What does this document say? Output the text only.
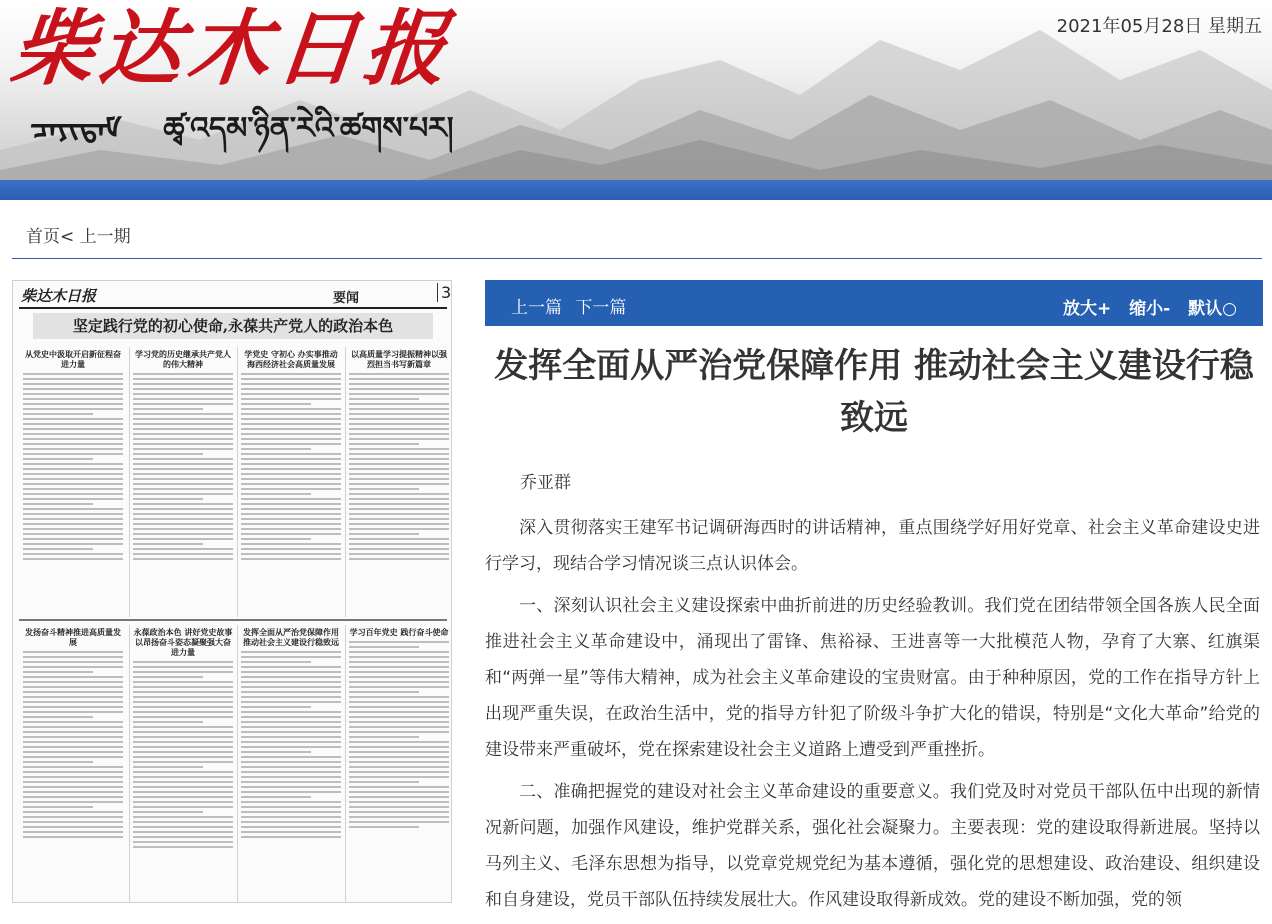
柴达木日报
ᠴᠠᠶᠢᠳᠠᠮ ཚྭ་འདམ་ཉིན་རེའི་ཚགས་པར།
2021年05月28日 星期五
首页< 上一期
柴达木日报	要闻	3
坚定践行党的初心使命,永葆共产党人的政治本色
从党史中汲取开启新征程奋进力量
学习党的历史继承共产党人的伟大精神
学党史 守初心 办实事推动海西经济社会高质量发展
以高质量学习提振精神以强烈担当书写新篇章
发扬奋斗精神推进高质量发展
永葆政治本色 讲好党史故事以昂扬奋斗姿态凝聚强大奋进力量
发挥全面从严治党保障作用推动社会主义建设行稳致远
学习百年党史 践行奋斗使命
上一篇 下一篇	放大+ 缩小- 默认○
发挥全面从严治党保障作用 推动社会主义建设行稳致远
乔亚群

深入贯彻落实王建军书记调研海西时的讲话精神，重点围绕学好用好党章、社会主义革命建设史进行学习，现结合学习情况谈三点认识体会。

一、深刻认识社会主义建设探索中曲折前进的历史经验教训。我们党在团结带领全国各族人民全面推进社会主义革命建设中，涌现出了雷锋、焦裕禄、王进喜等一大批模范人物，孕育了大寨、红旗渠和“两弹一星”等伟大精神，成为社会主义革命建设的宝贵财富。由于种种原因，党的工作在指导方针上出现严重失误，在政治生活中，党的指导方针犯了阶级斗争扩大化的错误，特别是“文化大革命”给党的建设带来严重破坏，党在探索建设社会主义道路上遭受到严重挫折。

二、准确把握党的建设对社会主义革命建设的重要意义。我们党及时对党员干部队伍中出现的新情况新问题，加强作风建设，维护党群关系，强化社会凝聚力。主要表现：党的建设取得新进展。坚持以马列主义、毛泽东思想为指导，以党章党规党纪为基本遵循，强化党的思想建设、政治建设、组织建设和自身建设，党员干部队伍持续发展壮大。作风建设取得新成效。党的建设不断加强，党的领
